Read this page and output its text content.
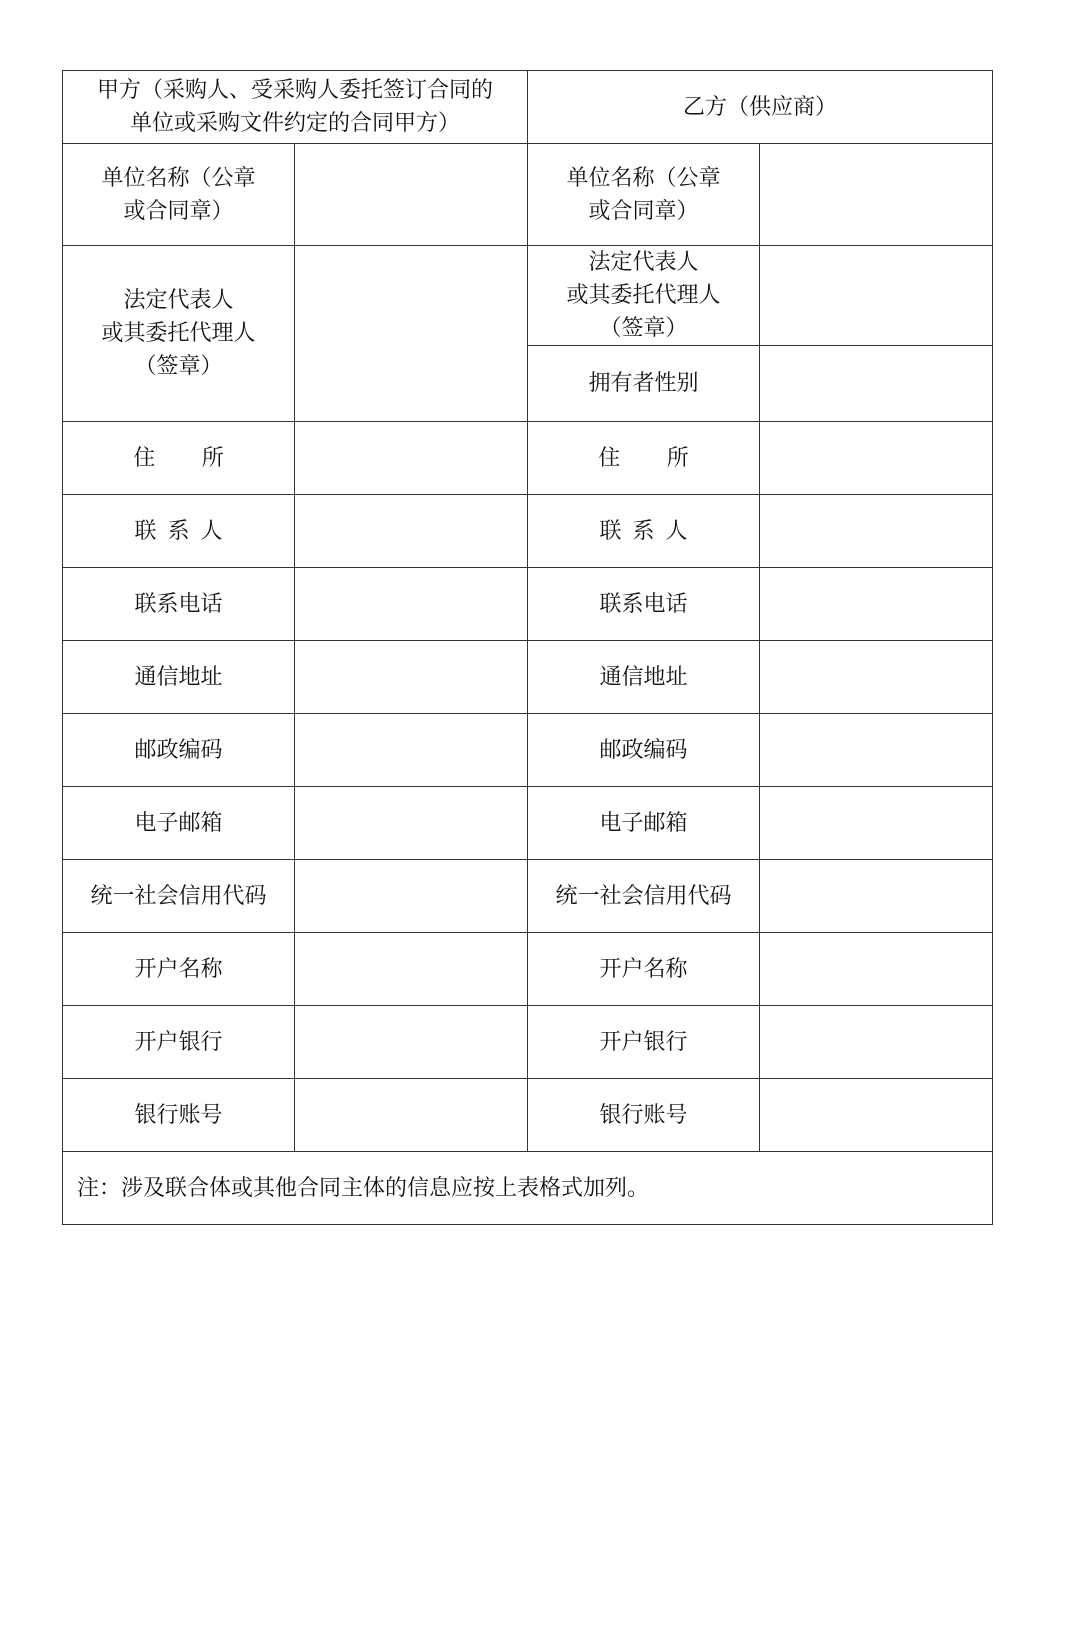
甲方（采购人、受采购人委托签订合同的
单位或采购文件约定的合同甲方）		乙方（供应商）	

单位名称（公章
或合同章）		单位名称（公章
或合同章）	

法定代表人
或其委托代理人
（签章）		法定代表人
或其委托代理人
（签章）	

		拥有者性别	
住 所		住 所	
联系人		联系人	
联系电话		联系电话	
通信地址		通信地址	
邮政编码		邮政编码	
电子邮箱		电子邮箱	
统一社会信用代码		统一社会信用代码	
开户名称		开户名称	
开户银行		开户银行	
银行账号		银行账号	
注：涉及联合体或其他合同主体的信息应按上表格式加列。			
